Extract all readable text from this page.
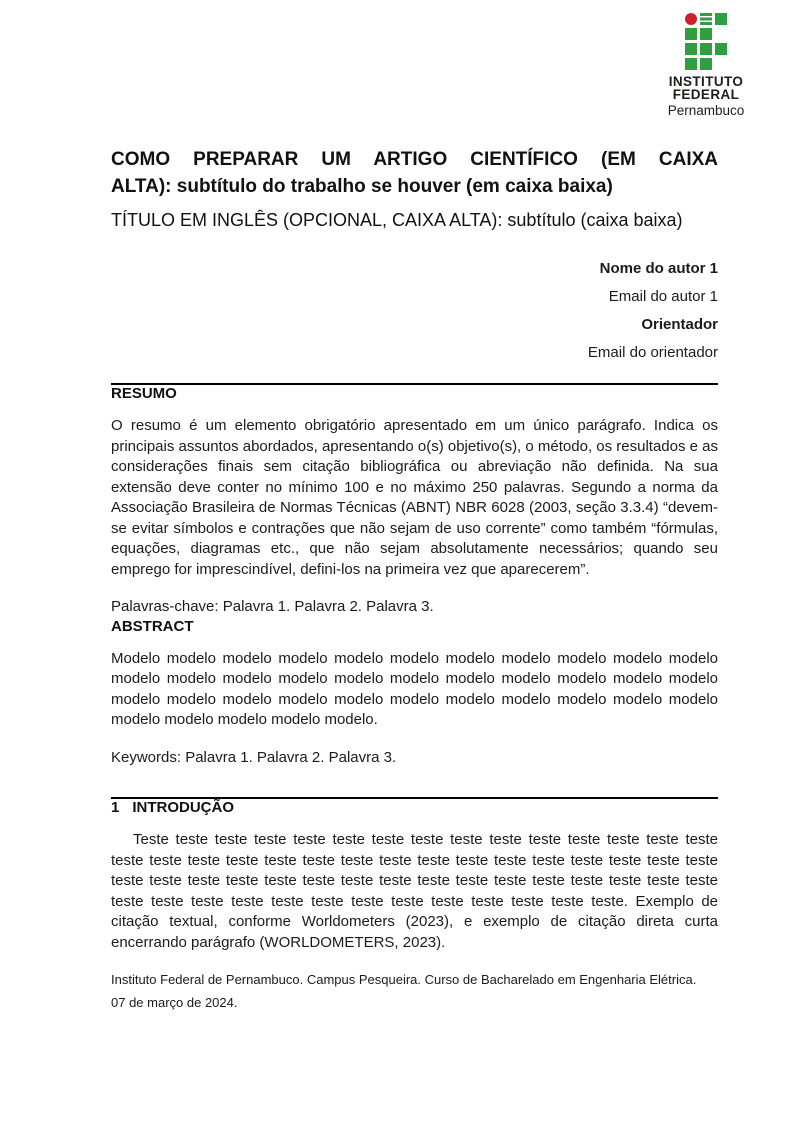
INSTITUTO
FEDERAL
Pernambuco
COMO PREPARAR UM ARTIGO CIENTÍFICO (EM CAIXA
ALTA): subtítulo do trabalho se houver (em caixa baixa)
TÍTULO EM INGLÊS (OPCIONAL, CAIXA ALTA): subtítulo (caixa baixa)
Nome do autor 1
Email do autor 1
Orientador
Email do orientador
RESUMO

O resumo é um elemento obrigatório apresentado em um único parágrafo. Indica os principais assuntos abordados, apresentando o(s) objetivo(s), o método, os resultados e as considerações finais sem citação bibliográfica ou abreviação não definida. Na sua extensão deve conter no mínimo 100 e no máximo 250 palavras. Segundo a norma da Associação Brasileira de Normas Técnicas (ABNT) NBR 6028 (2003, seção 3.3.4) “devem-se evitar símbolos e contrações que não sejam de uso corrente” como também “fórmulas, equações, diagramas etc., que não sejam absolutamente necessários; quando seu emprego for imprescindível, defini-los na primeira vez que aparecerem”.

Palavras-chave: Palavra 1. Palavra 2. Palavra 3.

ABSTRACT

Modelo modelo modelo modelo modelo modelo modelo modelo modelo modelo modelo modelo modelo modelo modelo modelo modelo modelo modelo modelo modelo modelo modelo modelo modelo modelo modelo modelo modelo modelo modelo modelo modelo modelo modelo modelo modelo modelo.

Keywords: Palavra 1. Palavra 2. Palavra 3.

1 INTRODUÇÃO

Teste teste teste teste teste teste teste teste teste teste teste teste teste teste teste teste teste teste teste teste teste teste teste teste teste teste teste teste teste teste teste teste teste teste teste teste teste teste teste teste teste teste teste teste teste teste teste teste teste teste teste teste teste teste teste teste teste teste teste teste. Exemplo de citação textual, conforme Worldometers (2023), e exemplo de citação direta curta encerrando parágrafo (WORLDOMETERS, 2023).

Instituto Federal de Pernambuco. Campus Pesqueira. Curso de Bacharelado em Engenharia Elétrica.
07 de março de 2024.
